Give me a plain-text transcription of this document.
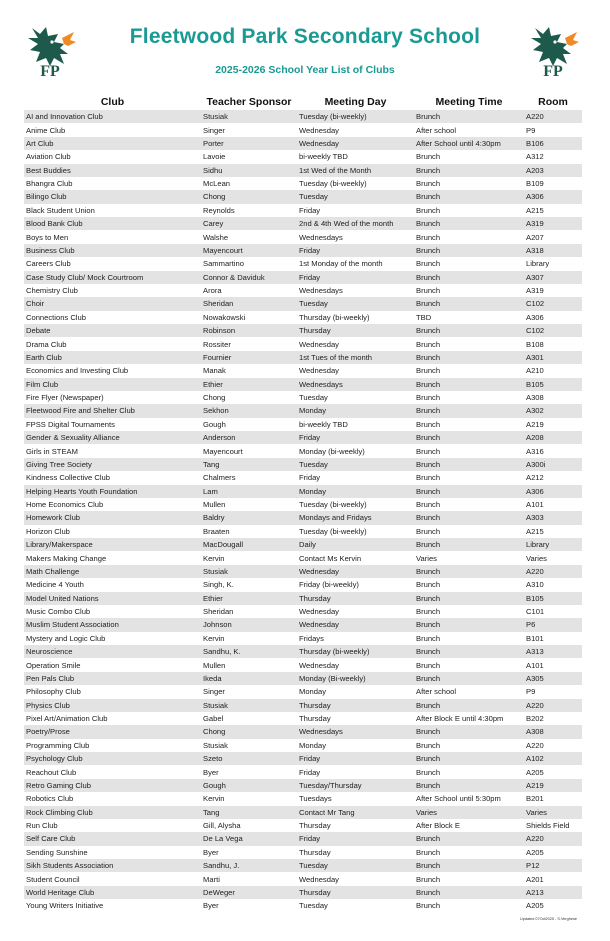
FP	FP
Fleetwood Park Secondary School
2025-2026 School Year List of Clubs
Club	Teacher Sponsor	Meeting Day	Meeting Time	Room
AI and Innovation Club	Stusiak	Tuesday (bi-weekly)	Brunch	A220
Anime Club	Singer	Wednesday	After school	P9
Art Club	Porter	Wednesday	After School until 4:30pm	B106
Aviation Club	Lavoie	bi-weekly TBD	Brunch	A312
Best Buddies	Sidhu	1st Wed of the Month	Brunch	A203
Bhangra Club	McLean	Tuesday (bi-weekly)	Brunch	B109
Bilingo Club	Chong	Tuesday	Brunch	A306
Black Student Union	Reynolds	Friday	Brunch	A215
Blood Bank Club	Carey	2nd & 4th Wed of the month	Brunch	A319
Boys to Men	Walshe	Wednesdays	Brunch	A207
Business Club	Mayencourt	Friday	Brunch	A318
Careers Club	Sammartino	1st Monday of the month	Brunch	Library
Case Study Club/ Mock Courtroom	Connor & Daviduk	Friday	Brunch	A307
Chemistry Club	Arora	Wednesdays	Brunch	A319
Choir	Sheridan	Tuesday	Brunch	C102
Connections Club	Nowakowski	Thursday (bi-weekly)	TBD	A306
Debate	Robinson	Thursday	Brunch	C102
Drama Club	Rossiter	Wednesday	Brunch	B108
Earth Club	Fournier	1st Tues of the month	Brunch	A301
Economics and Investing Club	Manak	Wednesday	Brunch	A210
Film Club	Ethier	Wednesdays	Brunch	B105
Fire Flyer (Newspaper)	Chong	Tuesday	Brunch	A308
Fleetwood Fire and Shelter Club	Sekhon	Monday	Brunch	A302
FPSS Digital Tournaments	Gough	bi-weekly TBD	Brunch	A219
Gender & Sexuality Alliance	Anderson	Friday	Brunch	A208
Girls in STEAM	Mayencourt	Monday (bi-weekly)	Brunch	A316
Giving Tree Society	Tang	Tuesday	Brunch	A300i
Kindness Collective Club	Chalmers	Friday	Brunch	A212
Helping Hearts Youth Foundation	Lam	Monday	Brunch	A306
Home Economics Club	Mullen	Tuesday (bi-weekly)	Brunch	A101
Homework Club	Baldry	Mondays and Fridays	Brunch	A303
Horizon Club	Braaten	Tuesday (bi-weekly)	Brunch	A215
Library/Makerspace	MacDougall	Daily	Brunch	Library
Makers Making Change	Kervin	Contact Ms Kervin	Varies	Varies
Math Challenge	Stusiak	Wednesday	Brunch	A220
Medicine 4 Youth	Singh, K.	Friday (bi-weekly)	Brunch	A310
Model United Nations	Ethier	Thursday	Brunch	B105
Music Combo Club	Sheridan	Wednesday	Brunch	C101
Muslim Student Association	Johnson	Wednesday	Brunch	P6
Mystery and Logic Club	Kervin	Fridays	Brunch	B101
Neuroscience	Sandhu, K.	Thursday (bi-weekly)	Brunch	A313
Operation Smile	Mullen	Wednesday	Brunch	A101
Pen Pals Club	Ikeda	Monday (Bi-weekly)	Brunch	A305
Philosophy Club	Singer	Monday	After school	P9
Physics Club	Stusiak	Thursday	Brunch	A220
Pixel Art/Animation Club	Gabel	Thursday	After Block E until 4:30pm	B202
Poetry/Prose	Chong	Wednesdays	Brunch	A308
Programming Club	Stusiak	Monday	Brunch	A220
Psychology Club	Szeto	Friday	Brunch	A102
Reachout Club	Byer	Friday	Brunch	A205
Retro Gaming Club	Gough	Tuesday/Thursday	Brunch	A219
Robotics Club	Kervin	Tuesdays	After School until 5:30pm	B201
Rock Climbing Club	Tang	Contact Mr Tang	Varies	Varies
Run Club	Gill, Alysha	Thursday	After Block E	Shields Field
Self Care Club	De La Vega	Friday	Brunch	A220
Sending Sunshine	Byer	Thursday	Brunch	A205
Sikh Students Association	Sandhu, J.	Tuesday	Brunch	P12
Student Council	Marti	Wednesday	Brunch	A201
World Heritage Club	DeWeger	Thursday	Brunch	A213
Young Writers Initiative	Byer	Tuesday	Brunch	A205
Updated 07Oct2025 - S.Verghese
